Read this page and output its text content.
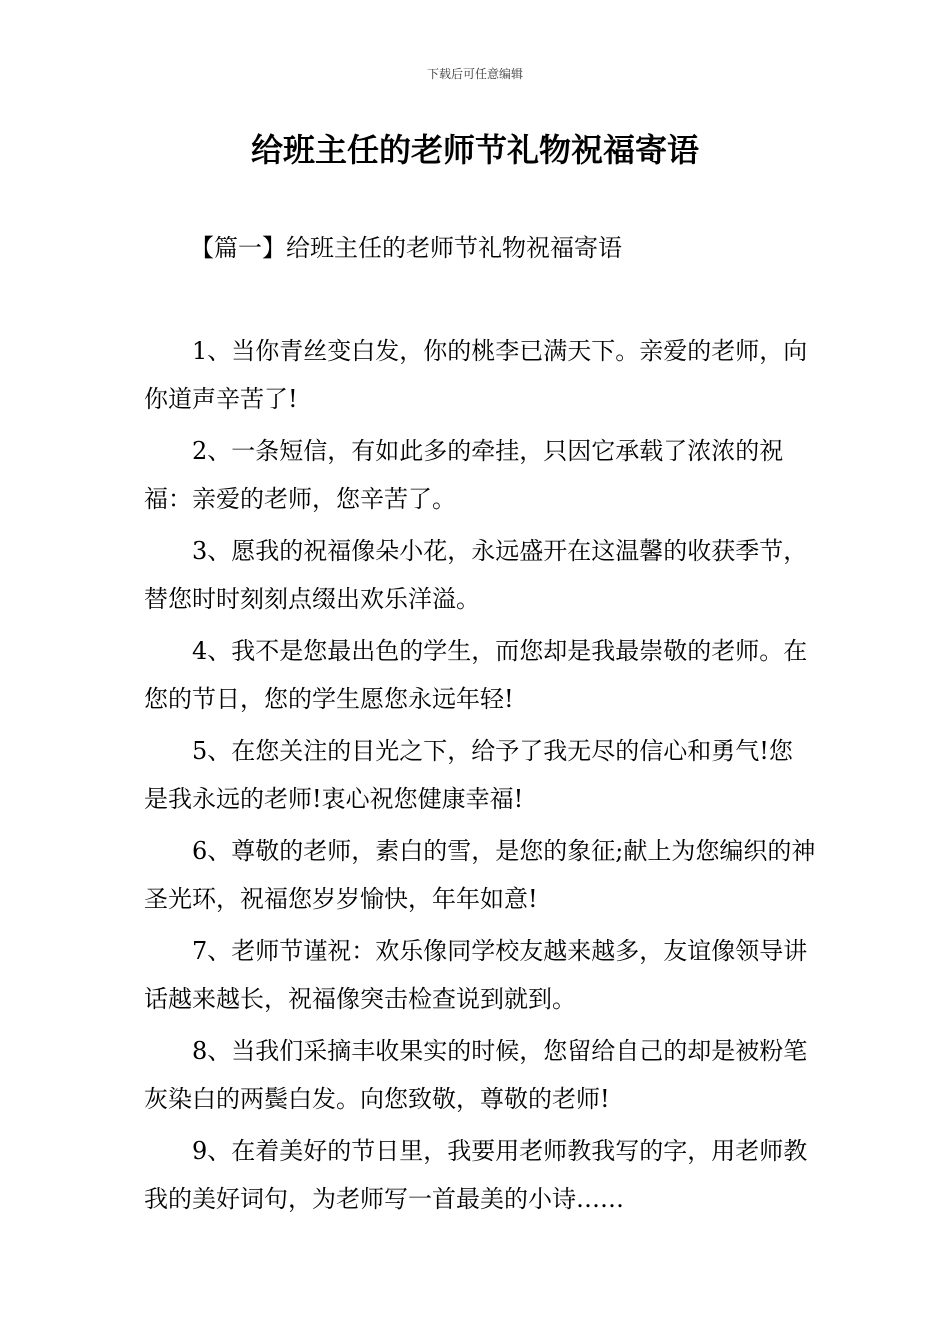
下载后可任意编辑
给班主任的老师节礼物祝福寄语
【篇一】给班主任的老师节礼物祝福寄语

1、当你青丝变白发，你的桃李已满天下。亲爱的老师，向你道声辛苦了!

2、一条短信，有如此多的牵挂，只因它承载了浓浓的祝福：亲爱的老师，您辛苦了。

3、愿我的祝福像朵小花，永远盛开在这温馨的收获季节，替您时时刻刻点缀出欢乐洋溢。

4、我不是您最出色的学生，而您却是我最崇敬的老师。在您的节日，您的学生愿您永远年轻!

5、在您关注的目光之下，给予了我无尽的信心和勇气!您是我永远的老师!衷心祝您健康幸福!

6、尊敬的老师，素白的雪，是您的象征;献上为您编织的神圣光环，祝福您岁岁愉快，年年如意!

7、老师节谨祝：欢乐像同学校友越来越多，友谊像领导讲话越来越长，祝福像突击检查说到就到。

8、当我们采摘丰收果实的时候，您留给自己的却是被粉笔灰染白的两鬓白发。向您致敬，尊敬的老师!

9、在着美好的节日里，我要用老师教我写的字，用老师教我的美好词句，为老师写一首最美的小诗……
